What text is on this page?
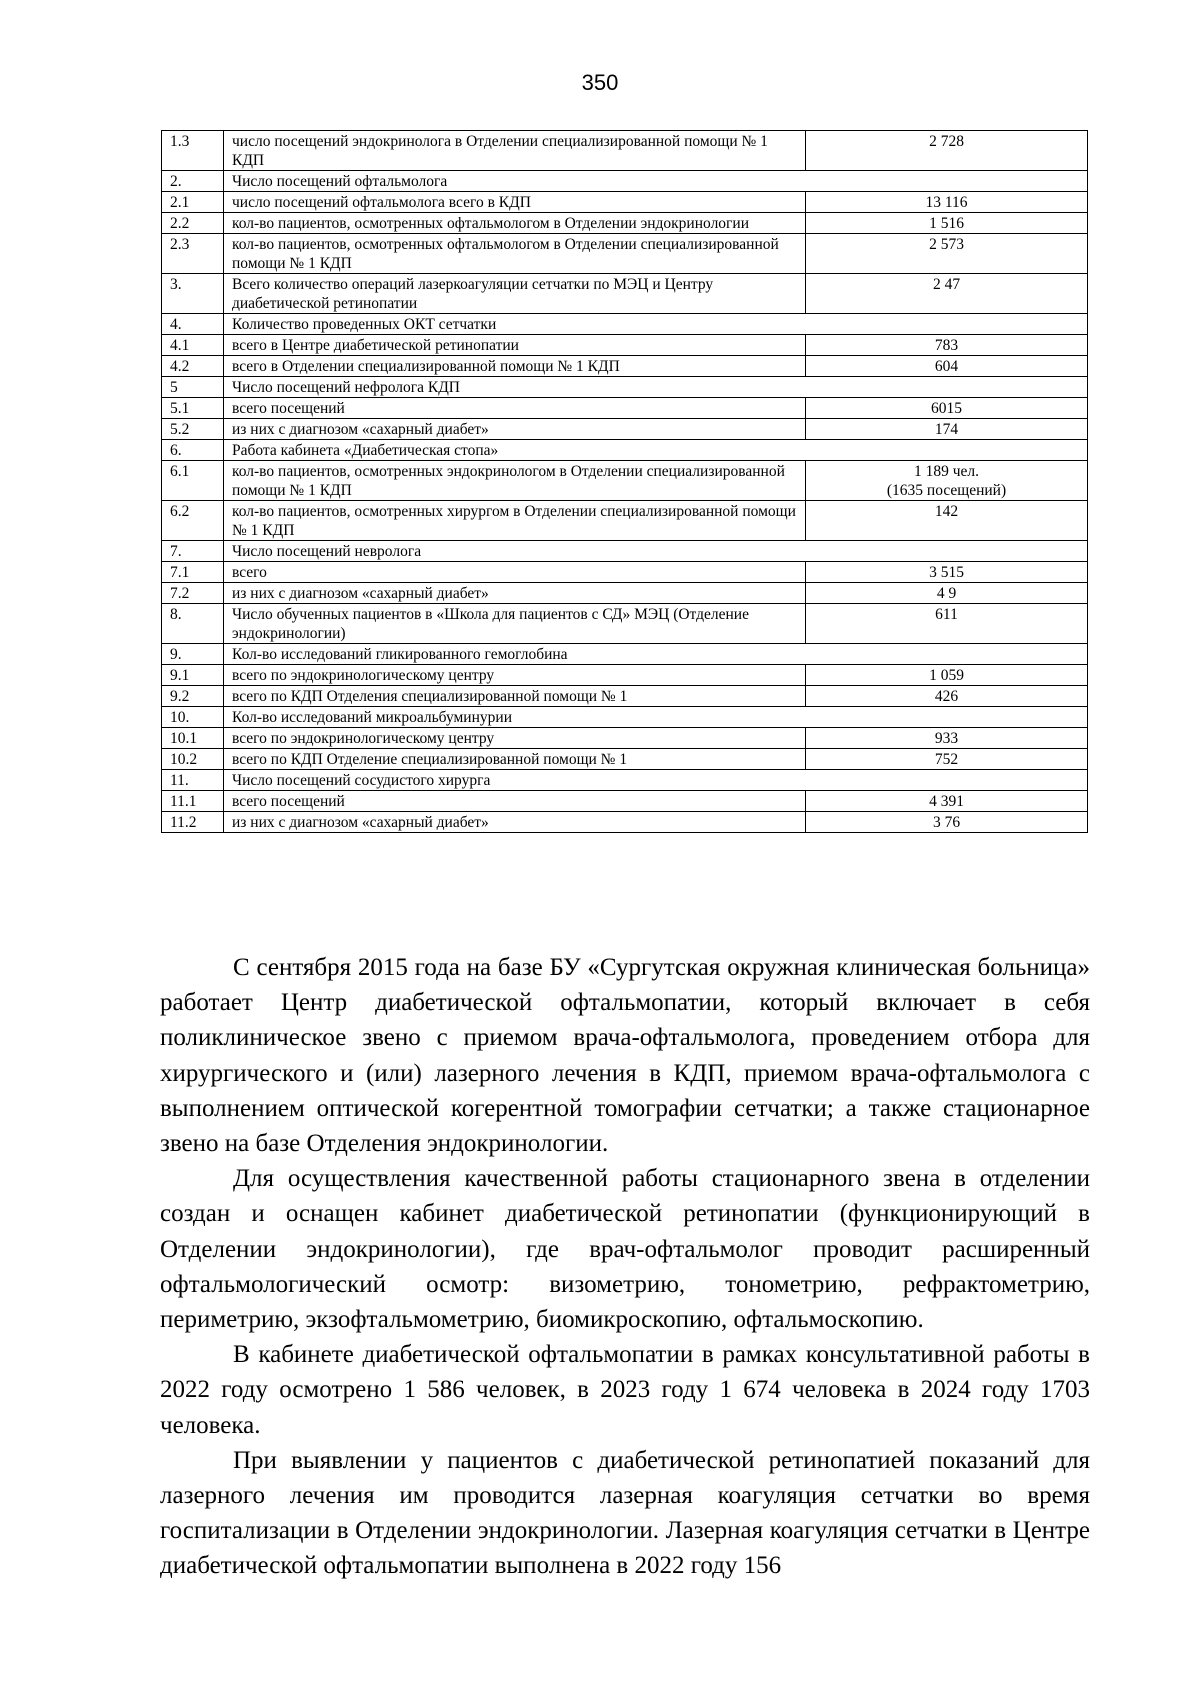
350
1.3	число посещений эндокринолога в Отделении специализированной помощи № 1 КДП	2 728

2.	Число посещений офтальмолога	
2.1	число посещений офтальмолога всего в КДП	13 116

2.2	кол-во пациентов, осмотренных офтальмологом в Отделении эндокринологии	1 516

2.3	кол-во пациентов, осмотренных офтальмологом в Отделении специализированной помощи № 1 КДП	2 573

3.	Всего количество операций лазеркоагуляции сетчатки по МЭЦ и Центру диабетической ретинопатии	2 47

4.	Количество проведенных ОКТ сетчатки	
4.1	всего в Центре диабетической ретинопатии	783

4.2	всего в Отделении специализированной помощи № 1 КДП	604

5	Число посещений нефролога КДП	
5.1	всего посещений	6015

5.2	из них с диагнозом «сахарный диабет»	174

6.	Работа кабинета «Диабетическая стопа»	
6.1	кол-во пациентов, осмотренных эндокринологом в Отделении специализированной помощи № 1 КДП	1 189 чел.
(1635 посещений)

6.2	кол-во пациентов, осмотренных хирургом в Отделении специализированной помощи № 1 КДП	142

7.	Число посещений невролога	
7.1	всего	3 515

7.2	из них с диагнозом «сахарный диабет»	4 9

8.	Число обученных пациентов в «Школа для пациентов с СД» МЭЦ (Отделение эндокринологии)	611

9.	Кол-во исследований гликированного гемоглобина	
9.1	всего по эндокринологическому центру	1 059

9.2	всего по КДП Отделения специализированной помощи № 1	426

10.	Кол-во исследований микроальбуминурии	
10.1	всего по эндокринологическому центру	933

10.2	всего по КДП Отделение специализированной помощи № 1	752

11.	Число посещений сосудистого хирурга	
11.1	всего посещений	4 391

11.2	из них с диагнозом «сахарный диабет»	3 76

С сентября 2015 года на базе БУ «Сургутская окружная клиническая больница» работает Центр диабетической офтальмопатии, который включает в себя поликлиническое звено с приемом врача-офтальмолога, проведением отбора для хирургического и (или) лазерного лечения в КДП, приемом врача-офтальмолога с выполнением оптической когерентной томографии сетчатки; а также стационарное звено на базе Отделения эндокринологии.

Для осуществления качественной работы стационарного звена в отделении создан и оснащен кабинет диабетической ретинопатии (функционирующий в Отделении эндокринологии), где врач-офтальмолог проводит расширенный офтальмологический осмотр: визометрию, тонометрию, рефрактометрию, периметрию, экзофтальмометрию, биомикроскопию, офтальмоскопию.

В кабинете диабетической офтальмопатии в рамках консультативной работы в 2022 году осмотрено 1 586 человек, в 2023 году 1 674 человека в 2024 году 1703 человека.

При выявлении у пациентов с диабетической ретинопатией показаний для лазерного лечения им проводится лазерная коагуляция сетчатки во время госпитализации в Отделении эндокринологии. Лазерная коагуляция сетчатки в Центре диабетической офтальмопатии выполнена в 2022 году 156
